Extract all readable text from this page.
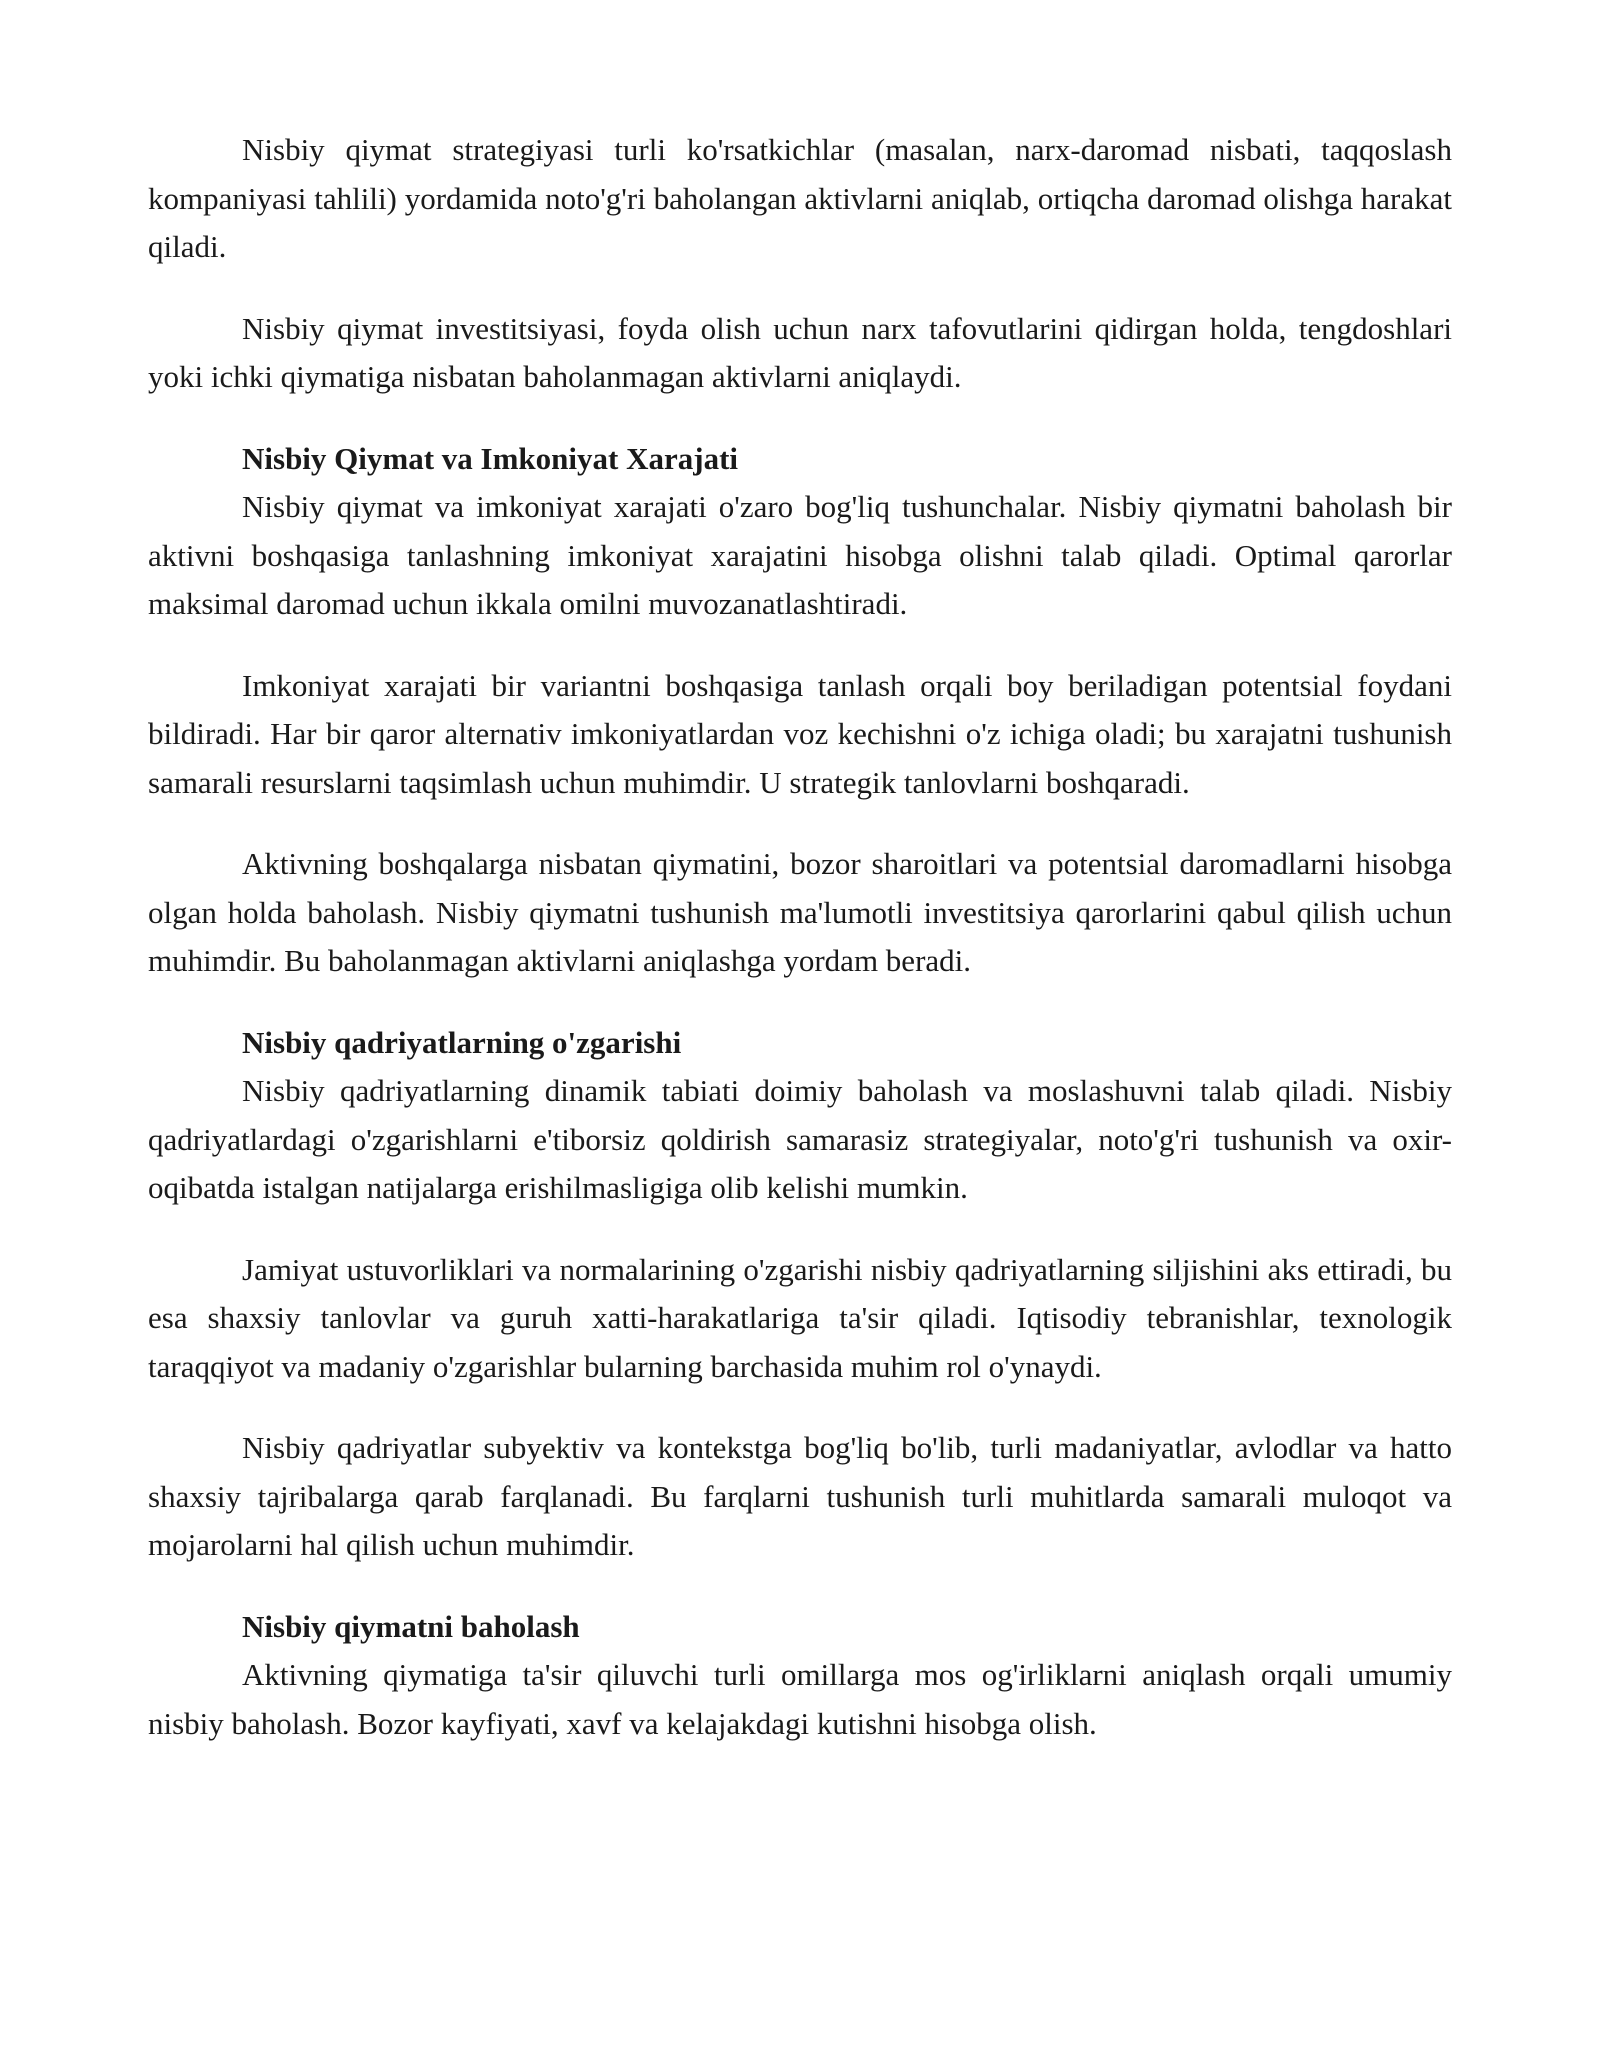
Nisbiy qiymat strategiyasi turli ko'rsatkichlar (masalan, narx-daromad nisbati, taqqoslash kompaniyasi tahlili) yordamida noto'g'ri baholangan aktivlarni aniqlab, ortiqcha daromad olishga harakat qiladi.

Nisbiy qiymat investitsiyasi, foyda olish uchun narx tafovutlarini qidirgan holda, tengdoshlari yoki ichki qiymatiga nisbatan baholanmagan aktivlarni aniqlaydi.

Nisbiy Qiymat va Imkoniyat Xarajati

Nisbiy qiymat va imkoniyat xarajati o'zaro bog'liq tushunchalar. Nisbiy qiymatni baholash bir aktivni boshqasiga tanlashning imkoniyat xarajatini hisobga olishni talab qiladi. Optimal qarorlar maksimal daromad uchun ikkala omilni muvozanatlashtiradi.

Imkoniyat xarajati bir variantni boshqasiga tanlash orqali boy beriladigan potentsial foydani bildiradi. Har bir qaror alternativ imkoniyatlardan voz kechishni o'z ichiga oladi; bu xarajatni tushunish samarali resurslarni taqsimlash uchun muhimdir. U strategik tanlovlarni boshqaradi.

Aktivning boshqalarga nisbatan qiymatini, bozor sharoitlari va potentsial daromadlarni hisobga olgan holda baholash. Nisbiy qiymatni tushunish ma'lumotli investitsiya qarorlarini qabul qilish uchun muhimdir. Bu baholanmagan aktivlarni aniqlashga yordam beradi.

Nisbiy qadriyatlarning o'zgarishi

Nisbiy qadriyatlarning dinamik tabiati doimiy baholash va moslashuvni talab qiladi. Nisbiy qadriyatlardagi o'zgarishlarni e'tiborsiz qoldirish samarasiz strategiyalar, noto'g'ri tushunish va oxir-oqibatda istalgan natijalarga erishilmasligiga olib kelishi mumkin.

Jamiyat ustuvorliklari va normalarining o'zgarishi nisbiy qadriyatlarning siljishini aks ettiradi, bu esa shaxsiy tanlovlar va guruh xatti-harakatlariga ta'sir qiladi. Iqtisodiy tebranishlar, texnologik taraqqiyot va madaniy o'zgarishlar bularning barchasida muhim rol o'ynaydi.

Nisbiy qadriyatlar subyektiv va kontekstga bog'liq bo'lib, turli madaniyatlar, avlodlar va hatto shaxsiy tajribalarga qarab farqlanadi. Bu farqlarni tushunish turli muhitlarda samarali muloqot va mojarolarni hal qilish uchun muhimdir.

Nisbiy qiymatni baholash

Aktivning qiymatiga ta'sir qiluvchi turli omillarga mos og'irliklarni aniqlash orqali umumiy nisbiy baholash. Bozor kayfiyati, xavf va kelajakdagi kutishni hisobga olish.
